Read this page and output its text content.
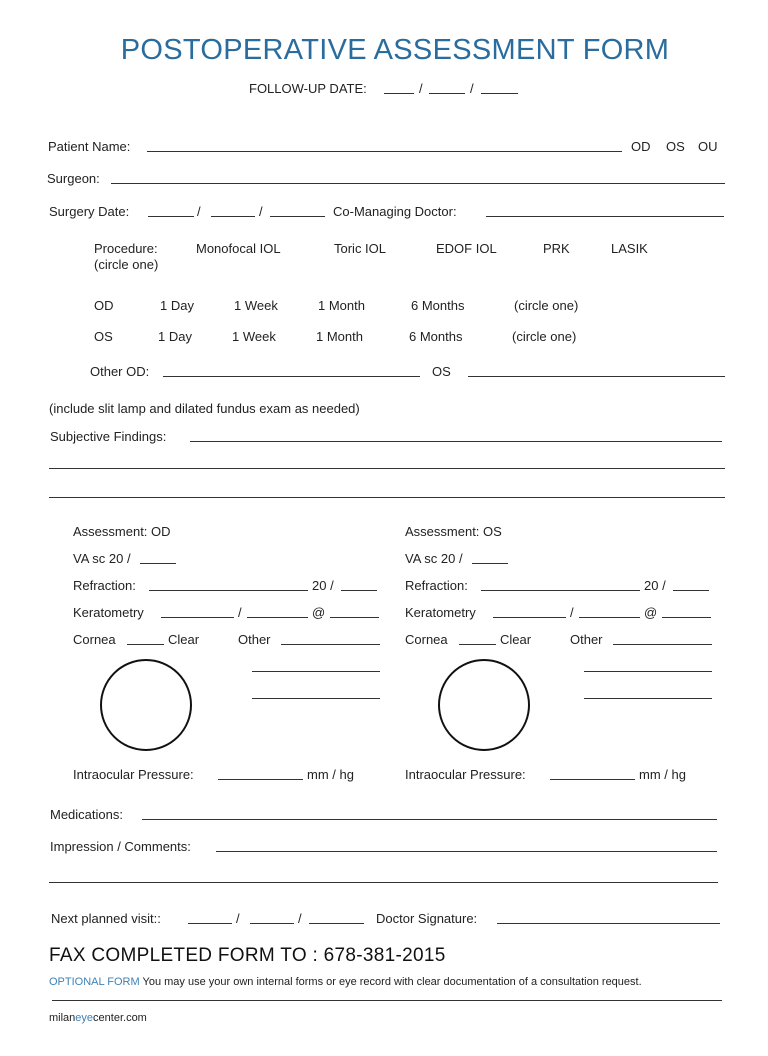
POSTOPERATIVE ASSESSMENT FORM
FOLLOW-UP DATE:	/	/
Patient Name:	OD OS OU
Surgeon:
Surgery Date:	/	/	Co-Managing Doctor:
Procedure:
(circle one)
Monofocal IOL	Toric IOL	EDOF IOL	PRK	LASIK
OD	1 Day	1 Week	1 Month	6 Months	(circle one)
OS	1 Day	1 Week	1 Month	6 Months	(circle one)
Other OD:	OS
(include slit lamp and dilated fundus exam as needed)
Subjective Findings:
Assessment: OD
VA sc 20 /
Refraction:	20 /
Keratometry	/	@
Cornea	Clear	Other
Intraocular Pressure:	mm / hg
Assessment: OS
VA sc 20 /
Refraction:	20 /
Keratometry	/	@
Cornea	Clear	Other
Intraocular Pressure:	mm / hg
Medications:
Impression / Comments:
Next planned visit::	/	/	Doctor Signature:
FAX COMPLETED FORM TO : 678-381-2015
OPTIONAL FORM You may use your own internal forms or eye record with clear documentation of a consultation request.
milaneyecenter.com
